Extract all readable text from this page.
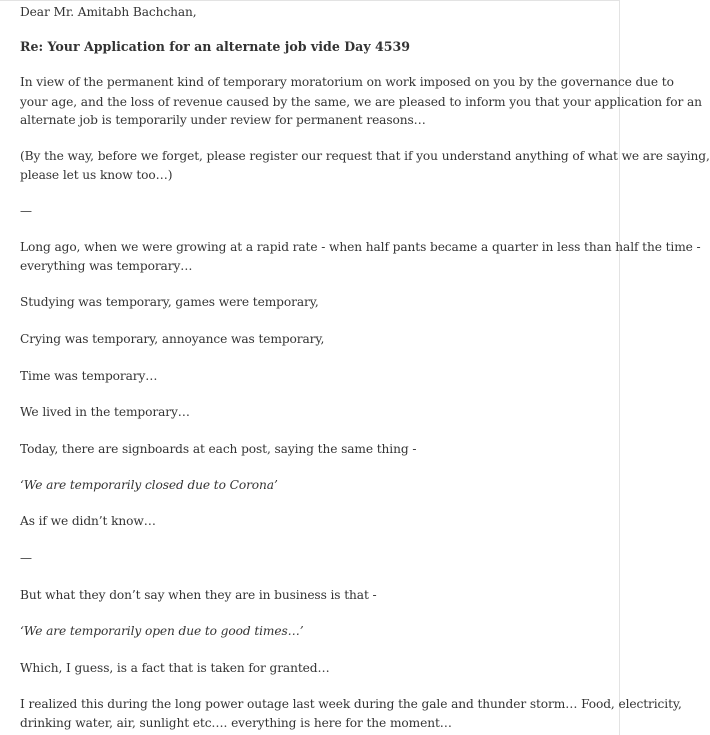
Dear Mr. Amitabh Bachchan,
Re: Your Application for an alternate job vide Day 4539
In view of the permanent kind of temporary moratorium on work imposed on you by the governance due to
your age, and the loss of revenue caused by the same, we are pleased to inform you that your application for an
alternate job is temporarily under review for permanent reasons…
(By the way, before we forget, please register our request that if you understand anything of what we are saying,
please let us know too…)
—
Long ago, when we were growing at a rapid rate - when half pants became a quarter in less than half the time -
everything was temporary…
Studying was temporary, games were temporary,
Crying was temporary, annoyance was temporary,
Time was temporary…
We lived in the temporary…
Today, there are signboards at each post, saying the same thing -
‘We are temporarily closed due to Corona’
As if we didn’t know…
—
But what they don’t say when they are in business is that -
‘We are temporarily open due to good times…’
Which, I guess, is a fact that is taken for granted…
I realized this during the long power outage last week during the gale and thunder storm… Food, electricity,
drinking water, air, sunlight etc…. everything is here for the moment…
